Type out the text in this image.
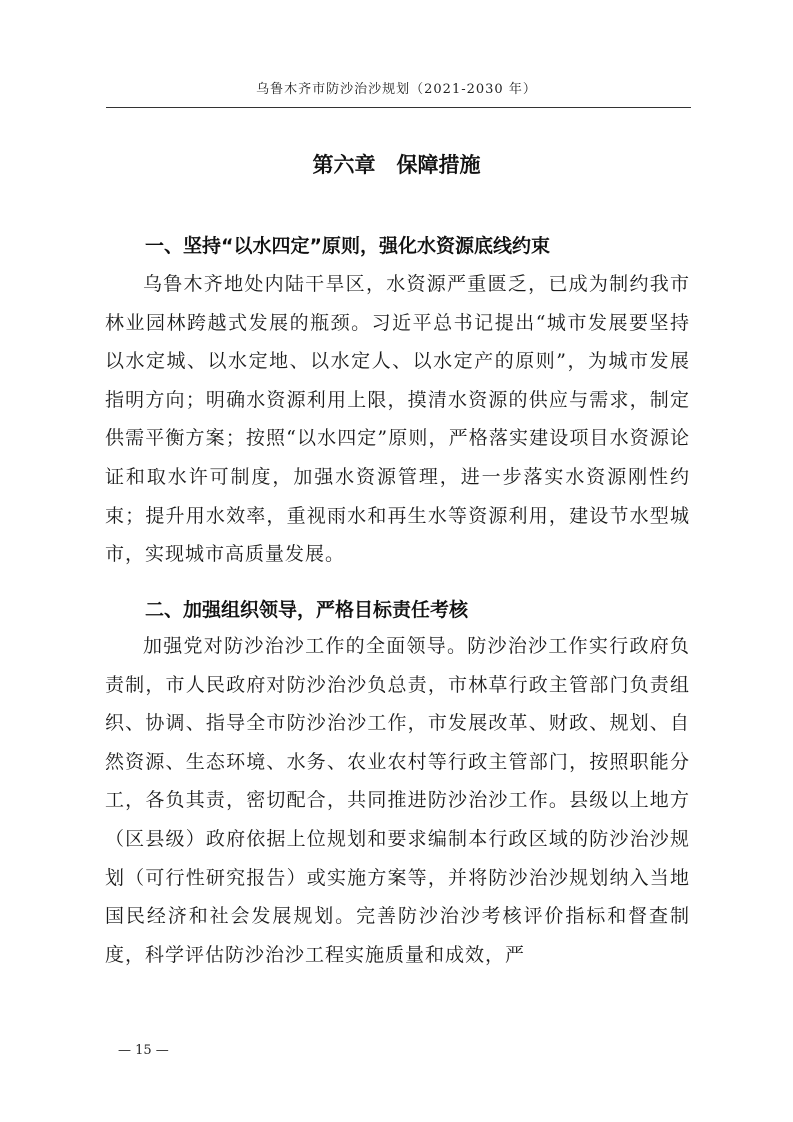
乌鲁木齐市防沙治沙规划（2021-2030 年）
第六章　保障措施
一、坚持“以水四定”原则，强化水资源底线约束

乌鲁木齐地处内陆干旱区，水资源严重匮乏，已成为制约我市林业园林跨越式发展的瓶颈。习近平总书记提出“城市发展要坚持以水定城、以水定地、以水定人、以水定产的原则”，为城市发展指明方向；明确水资源利用上限，摸清水资源的供应与需求，制定供需平衡方案；按照“以水四定”原则，严格落实建设项目水资源论证和取水许可制度，加强水资源管理，进一步落实水资源刚性约束；提升用水效率，重视雨水和再生水等资源利用，建设节水型城市，实现城市高质量发展。

二、加强组织领导，严格目标责任考核

加强党对防沙治沙工作的全面领导。防沙治沙工作实行政府负责制，市人民政府对防沙治沙负总责，市林草行政主管部门负责组织、协调、指导全市防沙治沙工作，市发展改革、财政、规划、自然资源、生态环境、水务、农业农村等行政主管部门，按照职能分工，各负其责，密切配合，共同推进防沙治沙工作。县级以上地方（区县级）政府依据上位规划和要求编制本行政区域的防沙治沙规划（可行性研究报告）或实施方案等，并将防沙治沙规划纳入当地国民经济和社会发展规划。完善防沙治沙考核评价指标和督查制度，科学评估防沙治沙工程实施质量和成效，严

— 15 —
